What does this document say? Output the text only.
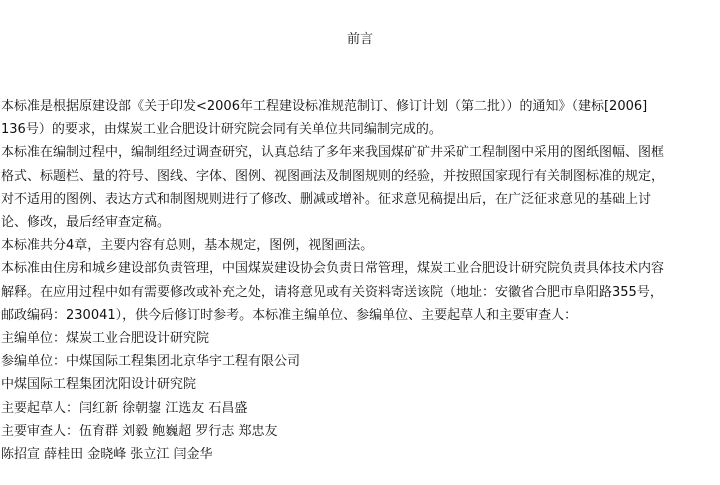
前言

本标准是根据原建设部《关于印发<2006年工程建设标准规范制订、修订计划（第二批））的通知》（建标[2006]

136号）的要求，由煤炭工业合肥设计研究院会同有关单位共同编制完成的。

本标准在编制过程中，编制组经过调查研究，认真总结了多年来我国煤矿矿井采矿工程制图中采用的图纸图幅、图框

格式、标题栏、量的符号、图线、字体、图例、视图画法及制图规则的经验，并按照国家现行有关制图标准的规定，

对不适用的图例、表达方式和制图规则进行了修改、删减或增补。征求意见稿提出后，在广泛征求意见的基础上讨

论、修改，最后经审查定稿。

本标准共分4章，主要内容有总则，基本规定，图例，视图画法。

本标准由住房和城乡建设部负责管理，中国煤炭建设协会负责日常管理，煤炭工业合肥设计研究院负责具体技术内容

解释。在应用过程中如有需要修改或补充之处，请将意见或有关资料寄送该院（地址：安徽省合肥市阜阳路355号，

邮政编码：230041），供今后修订时参考。本标准主编单位、参编单位、主要起草人和主要审查人：

主编单位：煤炭工业合肥设计研究院

参编单位：中煤国际工程集团北京华宇工程有限公司

中煤国际工程集团沈阳设计研究院

主要起草人：闫红新 徐朝鋆 江选友 石昌盛

主要审查人：伍育群 刘毅 鲍巍超 罗行志 郑忠友

陈招宣 薛桂田 金晓峰 张立江 闫金华
